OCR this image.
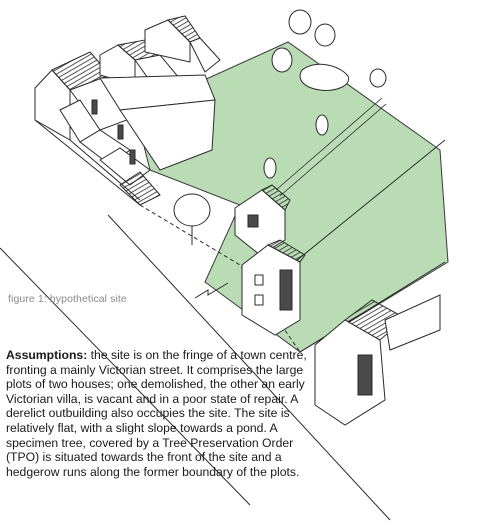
figure 1: hypothetical site
Assumptions: the site is on the fringe of a town centre, fronting a mainly Victorian street. It comprises the large plots of two houses; one demolished, the other an early Victorian villa, is vacant and in a poor state of repair. A derelict outbuilding also occupies the site. The site is relatively flat, with a slight slope towards a pond. A specimen tree, covered by a Tree Preservation Order (TPO) is situated towards the front of the site and a hedgerow runs along the former boundary of the plots.
